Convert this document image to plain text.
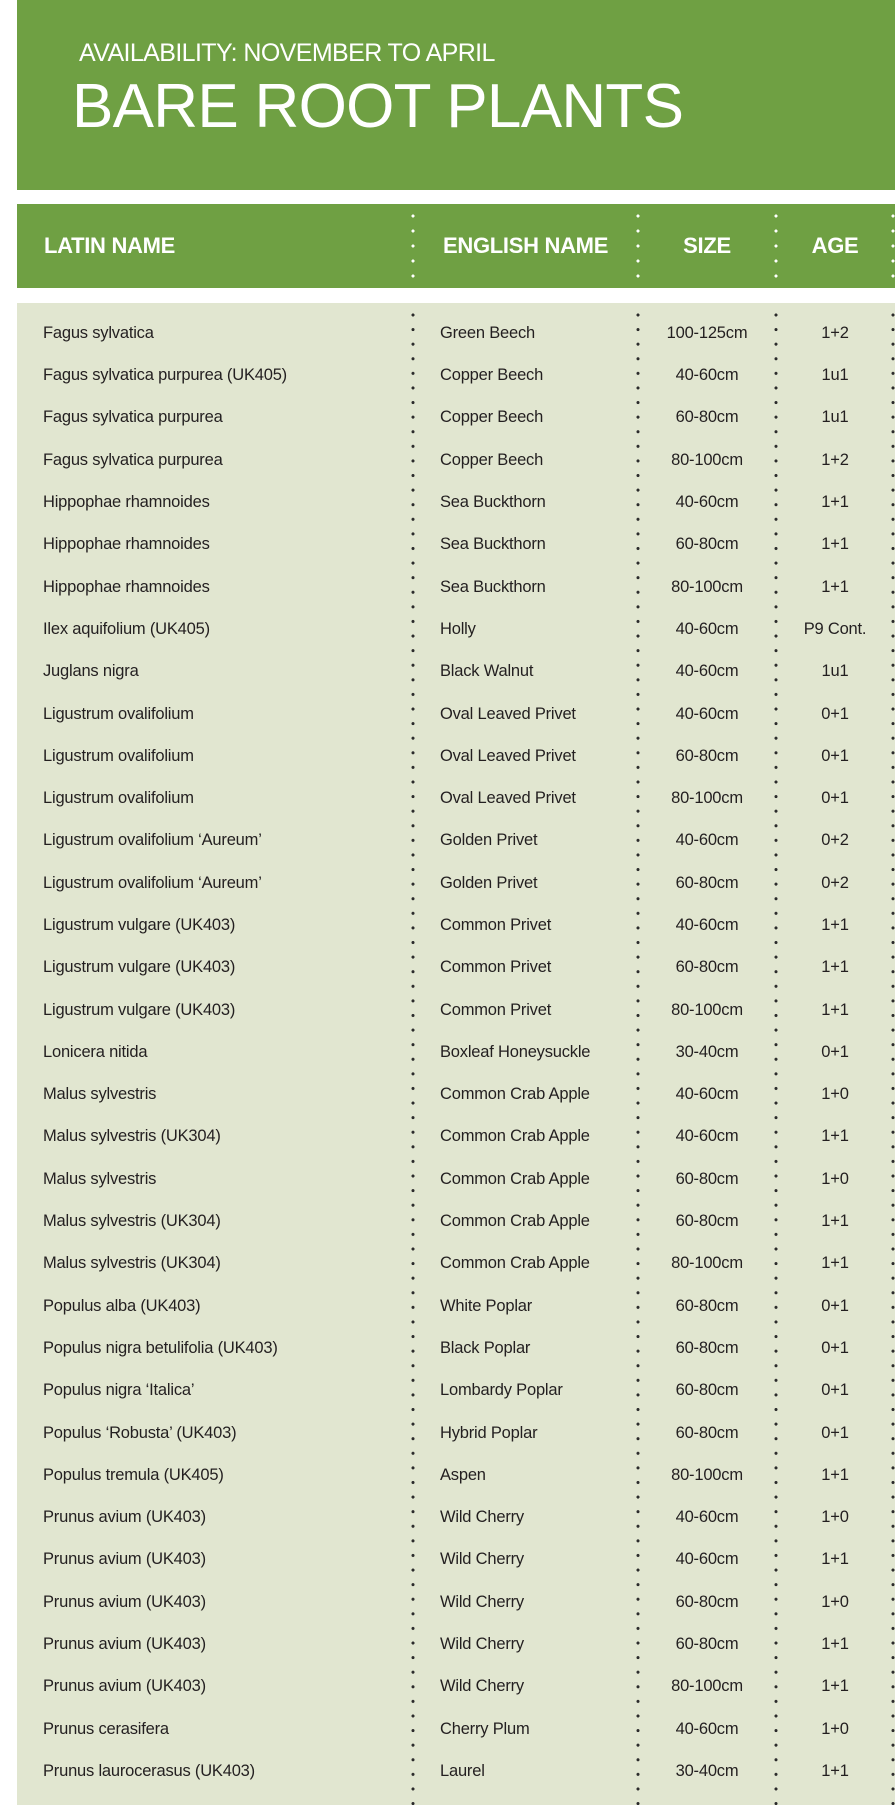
AVAILABILITY: NOVEMBER TO APRIL
BARE ROOT PLANTS
LATIN NAME	ENGLISH NAME	SIZE	AGE
Fagus sylvatica	Green Beech	100-125cm	1+2
Fagus sylvatica purpurea (UK405)	Copper Beech	40-60cm	1u1
Fagus sylvatica purpurea	Copper Beech	60-80cm	1u1
Fagus sylvatica purpurea	Copper Beech	80-100cm	1+2
Hippophae rhamnoides	Sea Buckthorn	40-60cm	1+1
Hippophae rhamnoides	Sea Buckthorn	60-80cm	1+1
Hippophae rhamnoides	Sea Buckthorn	80-100cm	1+1
Ilex aquifolium (UK405)	Holly	40-60cm	P9 Cont.
Juglans nigra	Black Walnut	40-60cm	1u1
Ligustrum ovalifolium	Oval Leaved Privet	40-60cm	0+1
Ligustrum ovalifolium	Oval Leaved Privet	60-80cm	0+1
Ligustrum ovalifolium	Oval Leaved Privet	80-100cm	0+1
Ligustrum ovalifolium ‘Aureum’	Golden Privet	40-60cm	0+2
Ligustrum ovalifolium ‘Aureum’	Golden Privet	60-80cm	0+2
Ligustrum vulgare (UK403)	Common Privet	40-60cm	1+1
Ligustrum vulgare (UK403)	Common Privet	60-80cm	1+1
Ligustrum vulgare (UK403)	Common Privet	80-100cm	1+1
Lonicera nitida	Boxleaf Honeysuckle	30-40cm	0+1
Malus sylvestris	Common Crab Apple	40-60cm	1+0
Malus sylvestris (UK304)	Common Crab Apple	40-60cm	1+1
Malus sylvestris	Common Crab Apple	60-80cm	1+0
Malus sylvestris (UK304)	Common Crab Apple	60-80cm	1+1
Malus sylvestris (UK304)	Common Crab Apple	80-100cm	1+1
Populus alba (UK403)	White Poplar	60-80cm	0+1
Populus nigra betulifolia (UK403)	Black Poplar	60-80cm	0+1
Populus nigra ‘Italica’	Lombardy Poplar	60-80cm	0+1
Populus ‘Robusta’ (UK403)	Hybrid Poplar	60-80cm	0+1
Populus tremula (UK405)	Aspen	80-100cm	1+1
Prunus avium (UK403)	Wild Cherry	40-60cm	1+0
Prunus avium (UK403)	Wild Cherry	40-60cm	1+1
Prunus avium (UK403)	Wild Cherry	60-80cm	1+0
Prunus avium (UK403)	Wild Cherry	60-80cm	1+1
Prunus avium (UK403)	Wild Cherry	80-100cm	1+1
Prunus cerasifera	Cherry Plum	40-60cm	1+0
Prunus laurocerasus (UK403)	Laurel	30-40cm	1+1
